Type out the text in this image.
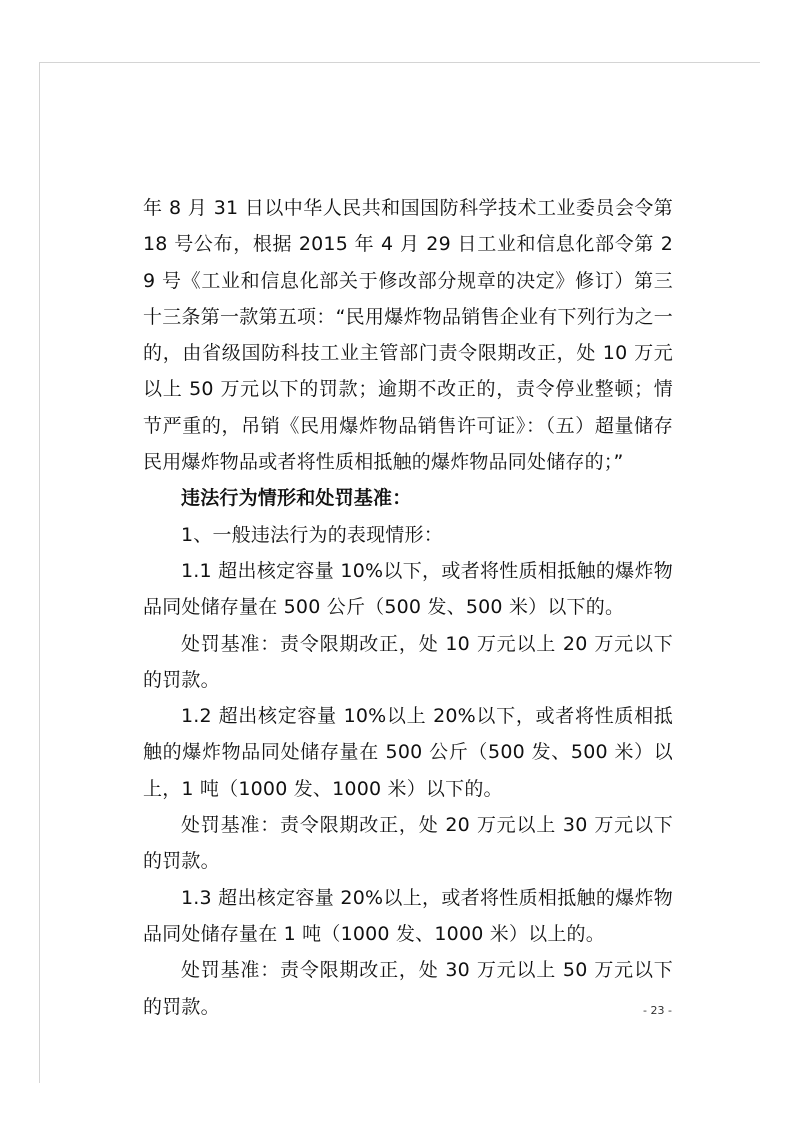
年 8 月 31 日以中华人民共和国国防科学技术工业委员会令第 18 号公布，根据 2015 年 4 月 29 日工业和信息化部令第 29 号《工业和信息化部关于修改部分规章的决定》修订）第三十三条第一款第五项：“民用爆炸物品销售企业有下列行为之一的，由省级国防科技工业主管部门责令限期改正，处 10 万元以上 50 万元以下的罚款；逾期不改正的，责令停业整顿；情节严重的，吊销《民用爆炸物品销售许可证》：（五）超量储存民用爆炸物品或者将性质相抵触的爆炸物品同处储存的；”

违法行为情形和处罚基准：

1、一般违法行为的表现情形：

1.1 超出核定容量 10%以下，或者将性质相抵触的爆炸物品同处储存量在 500 公斤（500 发、500 米）以下的。

处罚基准：责令限期改正，处 10 万元以上 20 万元以下的罚款。

1.2 超出核定容量 10%以上 20%以下，或者将性质相抵触的爆炸物品同处储存量在 500 公斤（500 发、500 米）以上，1 吨（1000 发、1000 米）以下的。

处罚基准：责令限期改正，处 20 万元以上 30 万元以下的罚款。

1.3 超出核定容量 20%以上，或者将性质相抵触的爆炸物品同处储存量在 1 吨（1000 发、1000 米）以上的。

处罚基准：责令限期改正，处 30 万元以上 50 万元以下的罚款。	- 23 -
